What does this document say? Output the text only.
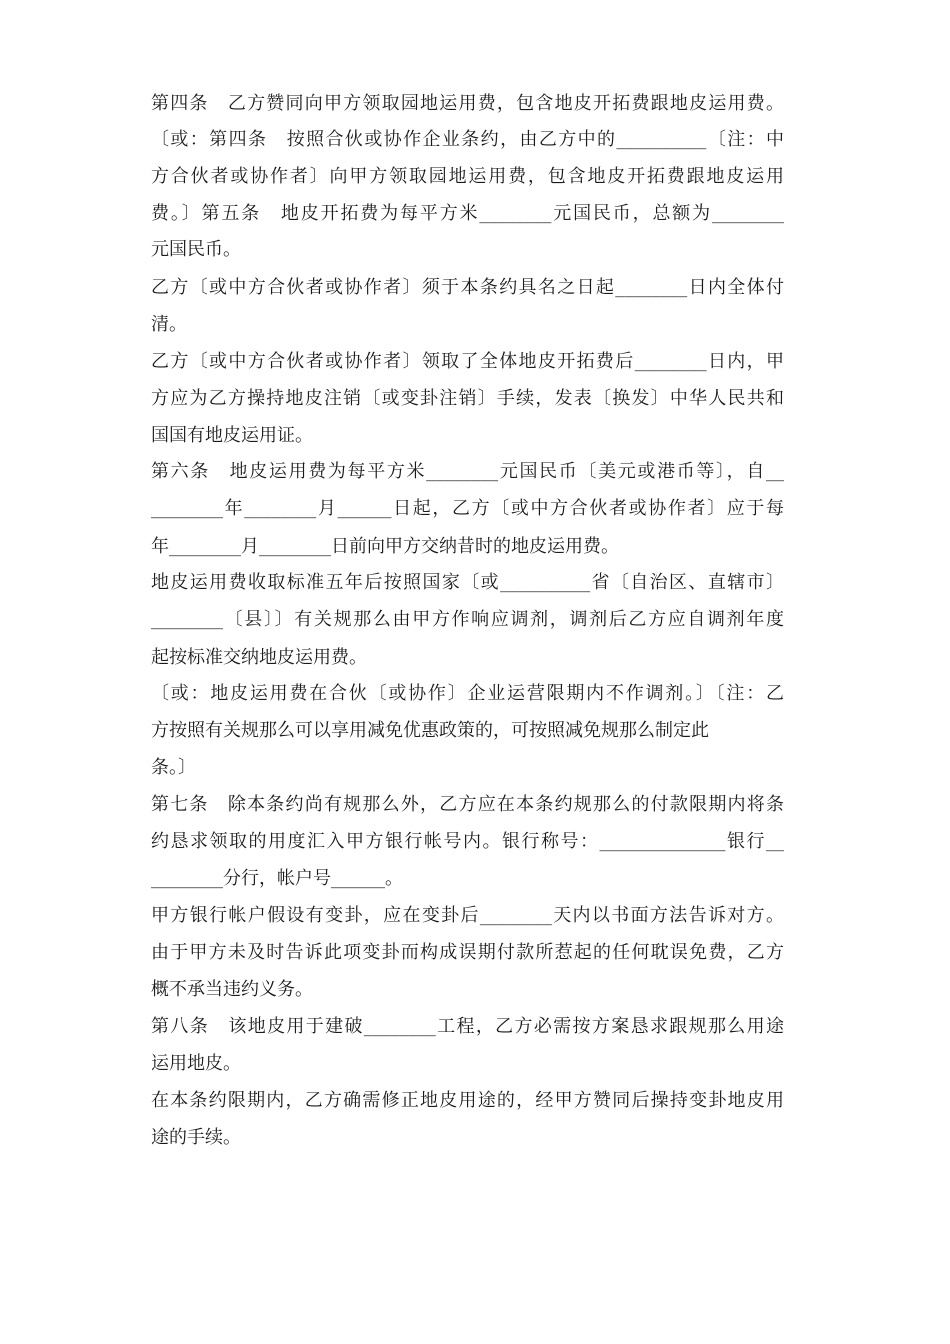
第四条　乙方赞同向甲方领取园地运用费，包含地皮开拓费跟地皮运用费。

〔或：第四条　按照合伙或协作企业条约，由乙方中的__________〔注：中

方合伙者或协作者〕向甲方领取园地运用费，包含地皮开拓费跟地皮运用

费。〕第五条　地皮开拓费为每平方米________元国民币，总额为________

元国民币。

乙方〔或中方合伙者或协作者〕须于本条约具名之日起________日内全体付

清。

乙方〔或中方合伙者或协作者〕领取了全体地皮开拓费后________日内，甲

方应为乙方操持地皮注销〔或变卦注销〕手续，发表〔换发〕中华人民共和

国国有地皮运用证。

第六条　地皮运用费为每平方米________元国民币〔美元或港币等〕，自__

________年________月______日起，乙方〔或中方合伙者或协作者〕应于每

年________月________日前向甲方交纳昔时的地皮运用费。

地皮运用费收取标准五年后按照国家〔或__________省〔自治区、直辖市〕

________〔县〕〕有关规那么由甲方作响应调剂，调剂后乙方应自调剂年度

起按标准交纳地皮运用费。

〔或：地皮运用费在合伙〔或协作〕企业运营限期内不作调剂。〕〔注：乙

方按照有关规那么可以享用减免优惠政策的，可按照减免规那么制定此

条。〕

第七条　除本条约尚有规那么外，乙方应在本条约规那么的付款限期内将条

约恳求领取的用度汇入甲方银行帐号内。银行称号：______________银行__

________分行，帐户号______。

甲方银行帐户假设有变卦，应在变卦后________天内以书面方法告诉对方。

由于甲方未及时告诉此项变卦而构成误期付款所惹起的任何耽误免费，乙方

概不承当违约义务。

第八条　该地皮用于建破________工程，乙方必需按方案恳求跟规那么用途

运用地皮。

在本条约限期内，乙方确需修正地皮用途的，经甲方赞同后操持变卦地皮用

途的手续。
